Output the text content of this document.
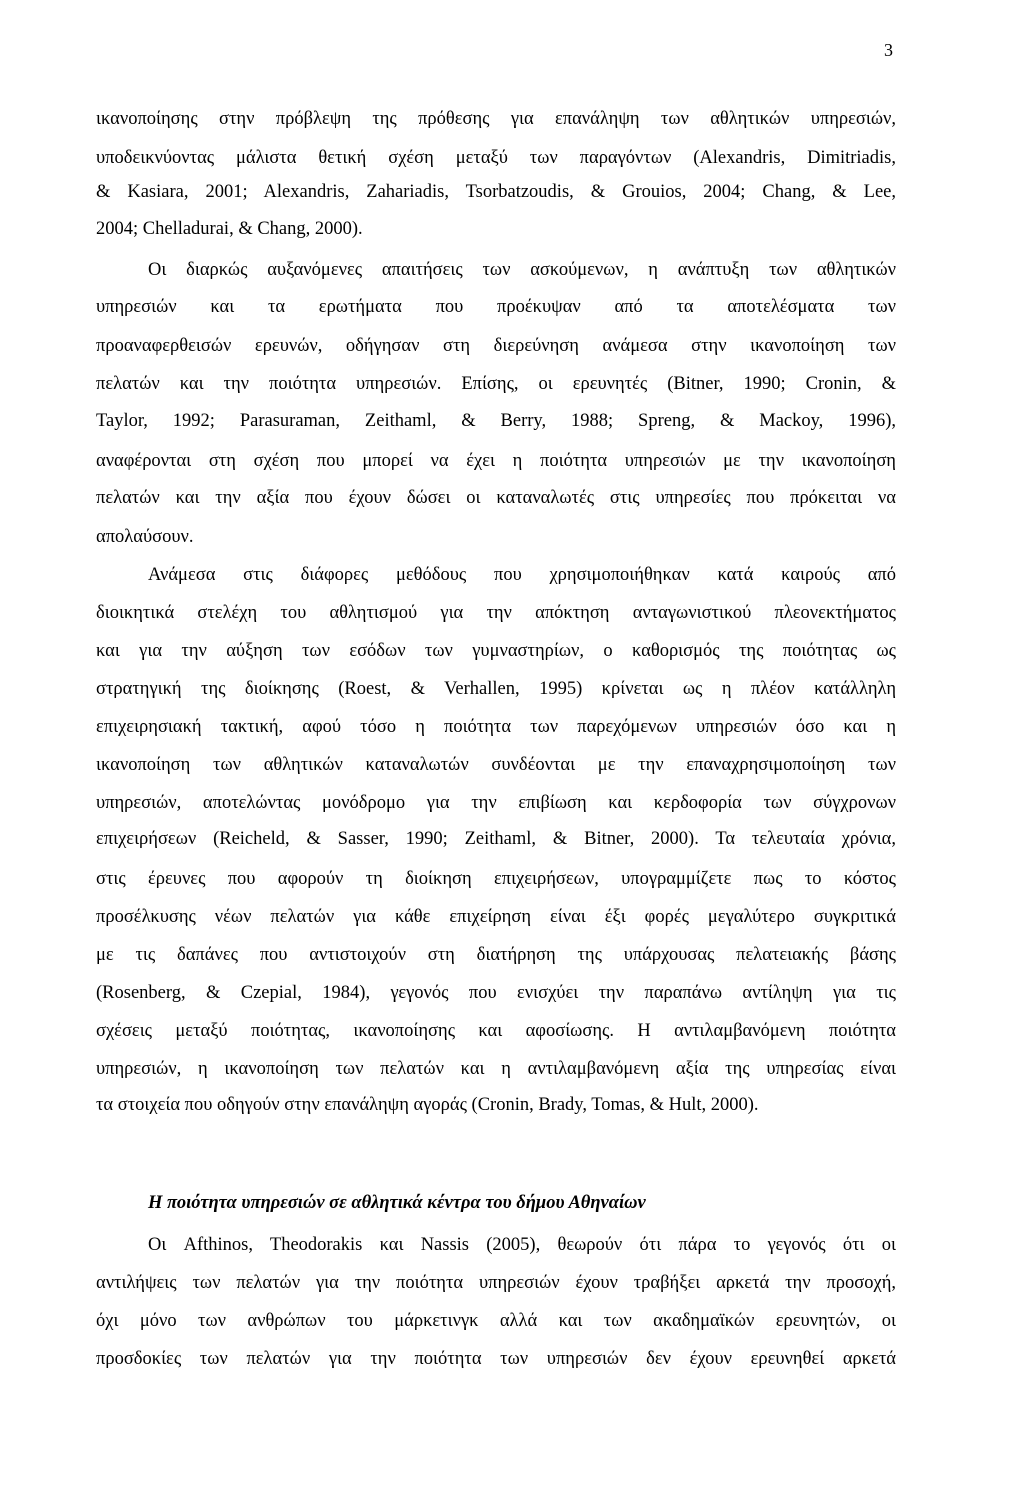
3
ικανοποίησης στην πρόβλεψη της πρόθεσης για επανάληψη των αθλητικών υπηρεσιών,
υποδεικνύοντας μάλιστα θετική σχέση μεταξύ των παραγόντων (Alexandris, Dimitriadis,
& Kasiara, 2001; Alexandris, Zahariadis, Tsorbatzoudis, & Grouios, 2004; Chang, & Lee,
2004; Chelladurai, & Chang, 2000).
Οι διαρκώς αυξανόμενες απαιτήσεις των ασκούμενων, η ανάπτυξη των αθλητικών
υπηρεσιών και τα ερωτήματα που προέκυψαν από τα αποτελέσματα των
προαναφερθεισών ερευνών, οδήγησαν στη διερεύνηση ανάμεσα στην ικανοποίηση των
πελατών και την ποιότητα υπηρεσιών. Επίσης, οι ερευνητές (Bitner, 1990; Cronin, &
Taylor, 1992; Parasuraman, Zeithaml, & Berry, 1988; Spreng, & Mackoy, 1996),
αναφέρονται στη σχέση που μπορεί να έχει η ποιότητα υπηρεσιών με την ικανοποίηση
πελατών και την αξία που έχουν δώσει οι καταναλωτές στις υπηρεσίες που πρόκειται να
απολαύσουν.
Ανάμεσα στις διάφορες μεθόδους που χρησιμοποιήθηκαν κατά καιρούς από
διοικητικά στελέχη του αθλητισμού για την απόκτηση ανταγωνιστικού πλεονεκτήματος
και για την αύξηση των εσόδων των γυμναστηρίων, ο καθορισμός της ποιότητας ως
στρατηγική της διοίκησης (Roest, & Verhallen, 1995) κρίνεται ως η πλέον κατάλληλη
επιχειρησιακή τακτική, αφού τόσο η ποιότητα των παρεχόμενων υπηρεσιών όσο και η
ικανοποίηση των αθλητικών καταναλωτών συνδέονται με την επαναχρησιμοποίηση των
υπηρεσιών, αποτελώντας μονόδρομο για την επιβίωση και κερδοφορία των σύγχρονων
επιχειρήσεων (Reicheld, & Sasser, 1990; Zeithaml, & Bitner, 2000). Τα τελευταία χρόνια,
στις έρευνες που αφορούν τη διοίκηση επιχειρήσεων, υπογραμμίζετε πως το κόστος
προσέλκυσης νέων πελατών για κάθε επιχείρηση είναι έξι φορές μεγαλύτερο συγκριτικά
με τις δαπάνες που αντιστοιχούν στη διατήρηση της υπάρχουσας πελατειακής βάσης
(Rosenberg, & Czepial, 1984), γεγονός που ενισχύει την παραπάνω αντίληψη για τις
σχέσεις μεταξύ ποιότητας, ικανοποίησης και αφοσίωσης. Η αντιλαμβανόμενη ποιότητα
υπηρεσιών, η ικανοποίηση των πελατών και η αντιλαμβανόμενη αξία της υπηρεσίας είναι
τα στοιχεία που οδηγούν στην επανάληψη αγοράς (Cronin, Brady, Tomas, & Hult, 2000).
Η ποιότητα υπηρεσιών σε αθλητικά κέντρα του δήμου Αθηναίων
Οι Afthinos, Theodorakis και Nassis (2005), θεωρούν ότι πάρα το γεγονός ότι οι
αντιλήψεις των πελατών για την ποιότητα υπηρεσιών έχουν τραβήξει αρκετά την προσοχή,
όχι μόνο των ανθρώπων του μάρκετινγκ αλλά και των ακαδημαϊκών ερευνητών, οι
προσδοκίες των πελατών για την ποιότητα των υπηρεσιών δεν έχουν ερευνηθεί αρκετά
